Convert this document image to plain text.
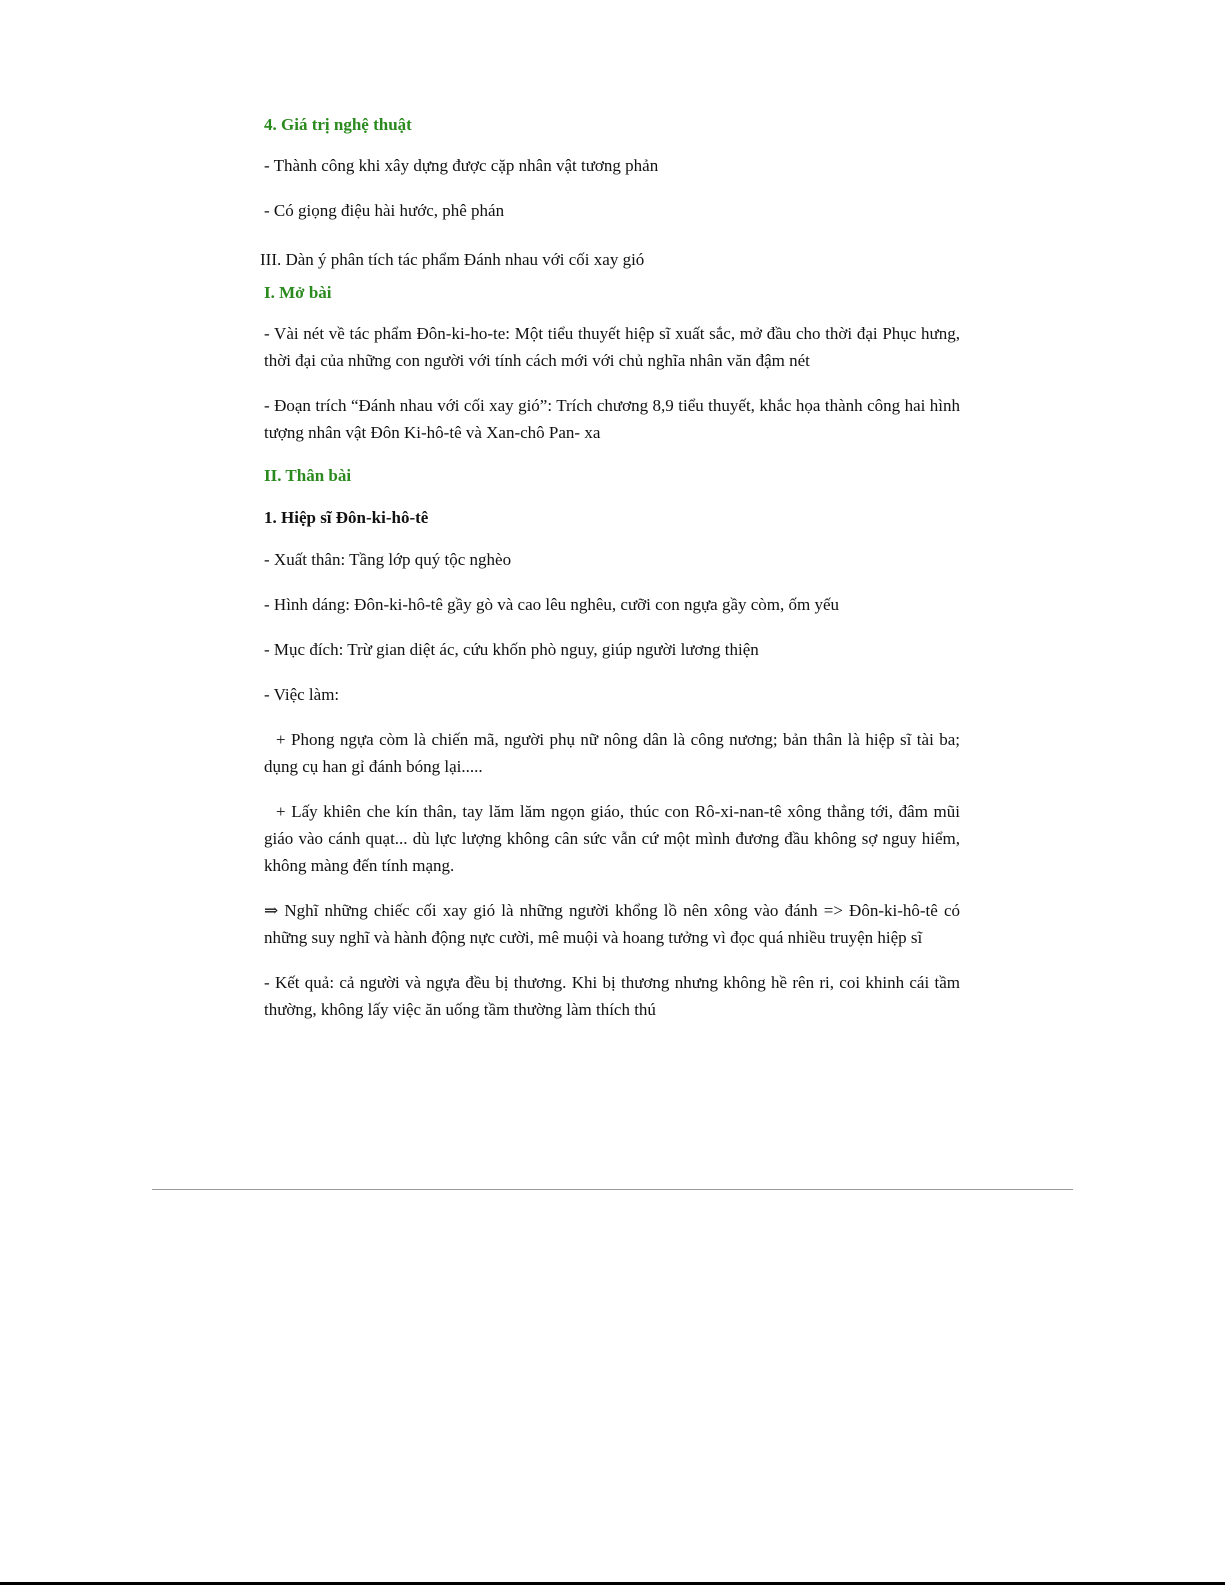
4. Giá trị nghệ thuật

- Thành công khi xây dựng được cặp nhân vật tương phản

- Có giọng điệu hài hước, phê phán

III. Dàn ý phân tích tác phẩm Đánh nhau với cối xay gió

I. Mở bài

- Vài nét về tác phẩm Đôn-ki-ho-te: Một tiểu thuyết hiệp sĩ xuất sắc, mở đầu cho thời đại Phục hưng, thời đại của những con người với tính cách mới với chủ nghĩa nhân văn đậm nét

- Đoạn trích “Đánh nhau với cối xay gió”: Trích chương 8,9 tiểu thuyết, khắc họa thành công hai hình tượng nhân vật Đôn Ki-hô-tê và Xan-chô Pan- xa

II. Thân bài

1. Hiệp sĩ Đôn-ki-hô-tê

- Xuất thân: Tầng lớp quý tộc nghèo

- Hình dáng: Đôn-ki-hô-tê gầy gò và cao lêu nghêu, cưỡi con ngựa gầy còm, ốm yếu

- Mục đích: Trừ gian diệt ác, cứu khốn phò nguy, giúp người lương thiện

- Việc làm:

+ Phong ngựa còm là chiến mã, người phụ nữ nông dân là công nương; bản thân là hiệp sĩ tài ba; dụng cụ han gỉ đánh bóng lại.....

+ Lấy khiên che kín thân, tay lăm lăm ngọn giáo, thúc con Rô-xi-nan-tê xông thẳng tới, đâm mũi giáo vào cánh quạt... dù lực lượng không cân sức vẫn cứ một mình đương đầu không sợ nguy hiểm, không màng đến tính mạng.

⇒ Nghĩ những chiếc cối xay gió là những người khổng lồ nên xông vào đánh => Đôn-ki-hô-tê có những suy nghĩ và hành động nực cười, mê muội và hoang tưởng vì đọc quá nhiều truyện hiệp sĩ

- Kết quả: cả người và ngựa đều bị thương. Khi bị thương nhưng không hề rên ri, coi khinh cái tầm thường, không lấy việc ăn uống tầm thường làm thích thú
